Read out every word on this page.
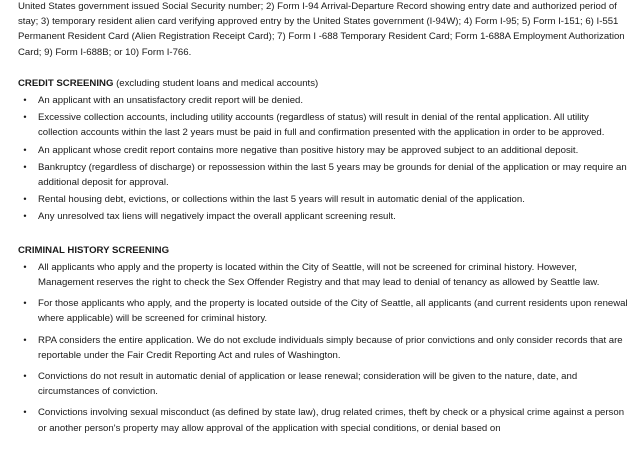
United States government issued Social Security number; 2) Form I-94 Arrival-Departure Record showing entry date and authorized period of stay; 3) temporary resident alien card verifying approved entry by the United States government (I-94W); 4) Form I-95; 5) Form I-151; 6) I-551 Permanent Resident Card (Alien Registration Receipt Card); 7) Form I -688 Temporary Resident Card; Form 1-688A Employment Authorization Card; 9) Form I-688B; or 10) Form I-766.

CREDIT SCREENING (excluding student loans and medical accounts)
•	An applicant with an unsatisfactory credit report will be denied.
•	Excessive collection accounts, including utility accounts (regardless of status) will result in denial of the rental application. All utility collection accounts within the last 2 years must be paid in full and confirmation presented with the application in order to be approved.
•	An applicant whose credit report contains more negative than positive history may be approved subject to an additional deposit.
•	Bankruptcy (regardless of discharge) or repossession within the last 5 years may be grounds for denial of the application or may require an additional deposit for approval.
•	Rental housing debt, evictions, or collections within the last 5 years will result in automatic denial of the application.
•	Any unresolved tax liens will negatively impact the overall applicant screening result.
CRIMINAL HISTORY SCREENING
•	All applicants who apply and the property is located within the City of Seattle, will not be screened for criminal history. However, Management reserves the right to check the Sex Offender Registry and that may lead to denial of tenancy as allowed by Seattle law.
•	For those applicants who apply, and the property is located outside of the City of Seattle, all applicants (and current residents upon renewal where applicable) will be screened for criminal history.
•	RPA considers the entire application. We do not exclude individuals simply because of prior convictions and only consider records that are reportable under the Fair Credit Reporting Act and rules of Washington.
•	Convictions do not result in automatic denial of application or lease renewal; consideration will be given to the nature, date, and circumstances of conviction.
•	Convictions involving sexual misconduct (as defined by state law), drug related crimes, theft by check or a physical crime against a person or another person's property may allow approval of the application with special conditions, or denial based on
